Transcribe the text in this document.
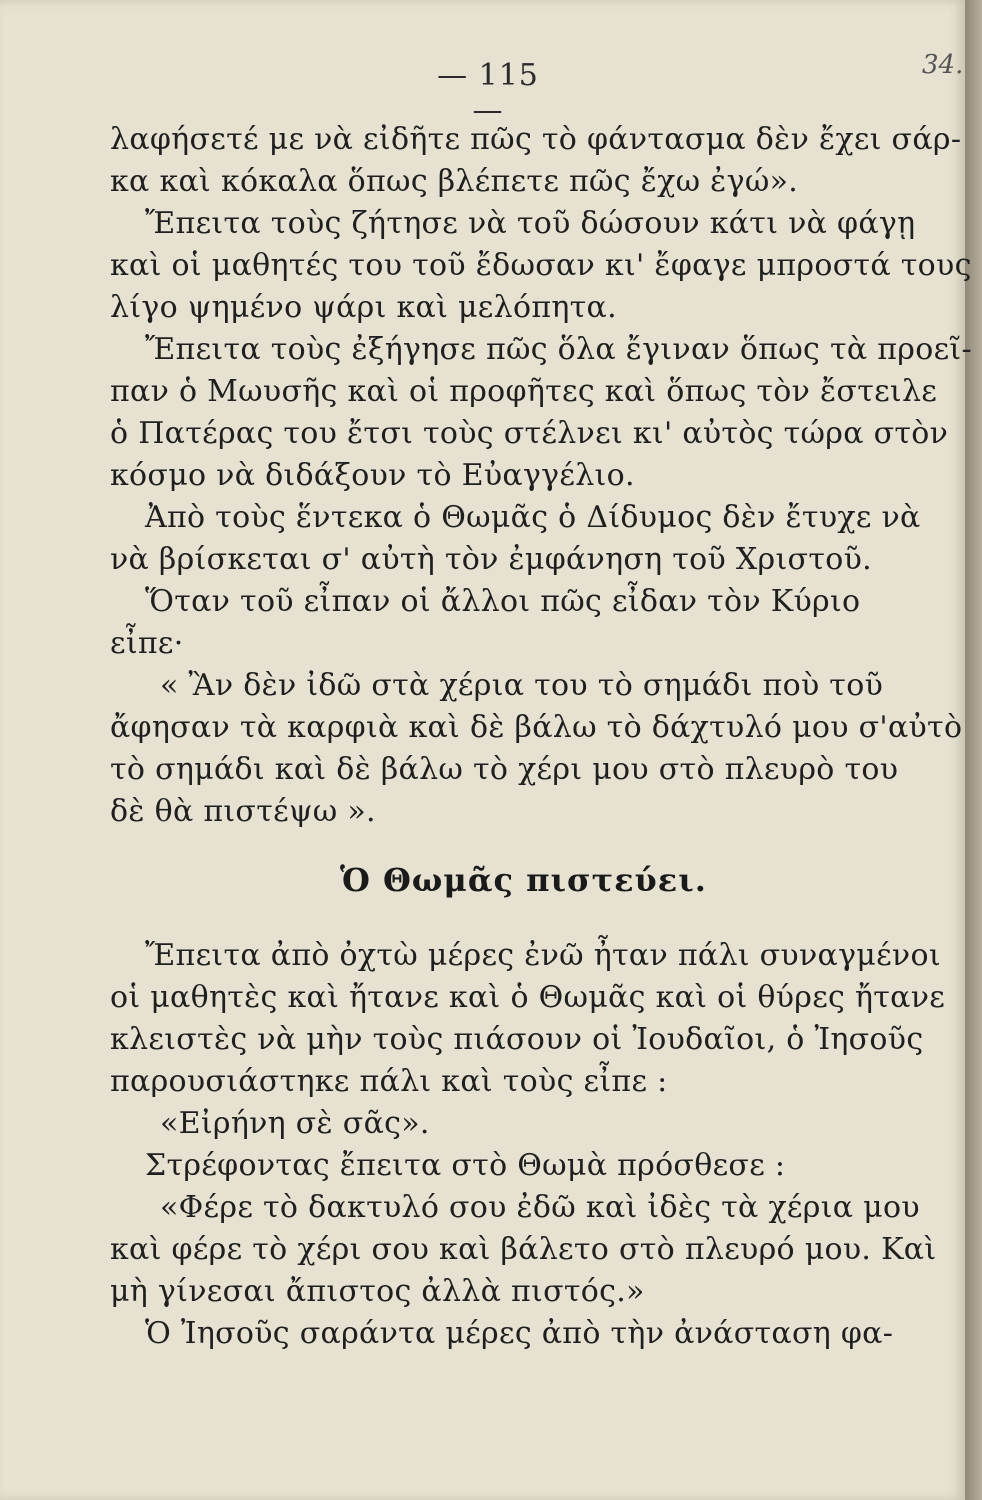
— 115 —
34.
λαφήσετέ με νὰ εἰδῆτε πῶς τὸ φάντασμα δὲν ἔχει σάρ-
κα καὶ κόκαλα ὅπως βλέπετε πῶς ἔχω ἐγώ».
Ἔπειτα τοὺς ζήτησε νὰ τοῦ δώσουν κάτι νὰ φάγῃ
καὶ οἱ μαθητές του τοῦ ἔδωσαν κι' ἔφαγε μπροστά τους
λίγο ψημένο ψάρι καὶ μελόπητα.
Ἔπειτα τοὺς ἐξήγησε πῶς ὅλα ἔγιναν ὅπως τὰ προεῖ-
παν ὁ Μωυσῆς καὶ οἱ προφῆτες καὶ ὅπως τὸν ἔστειλε
ὁ Πατέρας του ἔτσι τοὺς στέλνει κι' αὐτὸς τώρα στὸν
κόσμο νὰ διδάξουν τὸ Εὐαγγέλιο.
Ἀπὸ τοὺς ἕντεκα ὁ Θωμᾶς ὁ Δίδυμος δὲν ἔτυχε νὰ
νὰ βρίσκεται σ' αὐτὴ τὸν ἐμφάνηση τοῦ Χριστοῦ.
Ὅταν τοῦ εἶπαν οἱ ἄλλοι πῶς εἶδαν τὸν Κύριο
εἶπε·
« Ἂν δὲν ἰδῶ στὰ χέρια του τὸ σημάδι ποὺ τοῦ
ἄφησαν τὰ καρφιὰ καὶ δὲ βάλω τὸ δάχτυλό μου σ'αὐτὸ
τὸ σημάδι καὶ δὲ βάλω τὸ χέρι μου στὸ πλευρὸ του
δὲ θὰ πιστέψω ».
Ὁ Θωμᾶς πιστεύει.
Ἔπειτα ἀπὸ ὀχτὼ μέρες ἐνῶ ἦταν πάλι συναγμένοι
οἱ μαθητὲς καὶ ἤτανε καὶ ὁ Θωμᾶς καὶ οἱ θύρες ἤτανε
κλειστὲς νὰ μὴν τοὺς πιάσουν οἱ Ἰουδαῖοι, ὁ Ἰησοῦς
παρουσιάστηκε πάλι καὶ τοὺς εἶπε :
«Εἰρήνη σὲ σᾶς».
Στρέφοντας ἔπειτα στὸ Θωμὰ πρόσθεσε :
«Φέρε τὸ δακτυλό σου ἐδῶ καὶ ἰδὲς τὰ χέρια μου
καὶ φέρε τὸ χέρι σου καὶ βάλετο στὸ πλευρό μου. Καὶ
μὴ γίνεσαι ἄπιστος ἀλλὰ πιστός.»
Ὁ Ἰησοῦς σαράντα μέρες ἀπὸ τὴν ἀνάσταση φα-
